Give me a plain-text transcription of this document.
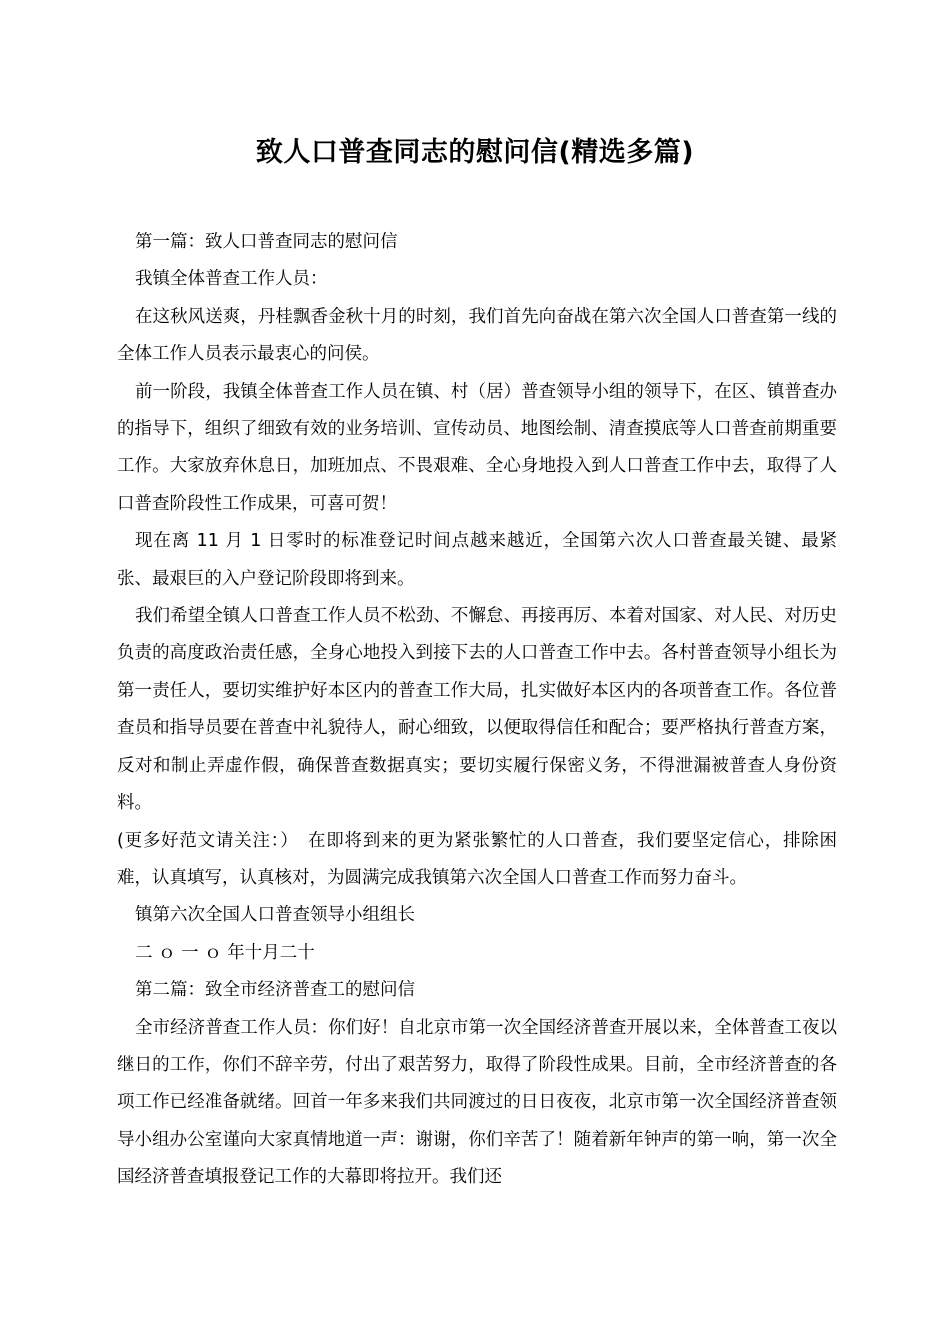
致人口普查同志的慰问信(精选多篇)

第一篇：致人口普查同志的慰问信

我镇全体普查工作人员：

在这秋风送爽，丹桂飘香金秋十月的时刻，我们首先向奋战在第六次全国人口普查第一线的全体工作人员表示最衷心的问侯。

前一阶段，我镇全体普查工作人员在镇、村（居）普查领导小组的领导下，在区、镇普查办的指导下，组织了细致有效的业务培训、宣传动员、地图绘制、清查摸底等人口普查前期重要工作。大家放弃休息日，加班加点、不畏艰难、全心身地投入到人口普查工作中去，取得了人口普查阶段性工作成果，可喜可贺！

现在离 11 月 1 日零时的标准登记时间点越来越近，全国第六次人口普查最关键、最紧张、最艰巨的入户登记阶段即将到来。

我们希望全镇人口普查工作人员不松劲、不懈怠、再接再厉、本着对国家、对人民、对历史负责的高度政治责任感，全身心地投入到接下去的人口普查工作中去。各村普查领导小组长为第一责任人，要切实维护好本区内的普查工作大局，扎实做好本区内的各项普查工作。各位普查员和指导员要在普查中礼貌待人，耐心细致，以便取得信任和配合；要严格执行普查方案，反对和制止弄虚作假，确保普查数据真实；要切实履行保密义务，不得泄漏被普查人身份资料。

(更多好范文请关注：）　在即将到来的更为紧张繁忙的人口普查，我们要坚定信心，排除困难，认真填写，认真核对，为圆满完成我镇第六次全国人口普查工作而努力奋斗。

镇第六次全国人口普查领导小组组长

二 ｏ 一 ｏ 年十月二十

第二篇：致全市经济普查工的慰问信

全市经济普查工作人员：你们好！自北京市第一次全国经济普查开展以来，全体普查工夜以继日的工作，你们不辞辛劳，付出了艰苦努力，取得了阶段性成果。目前，全市经济普查的各项工作已经准备就绪。回首一年多来我们共同渡过的日日夜夜，北京市第一次全国经济普查领导小组办公室谨向大家真情地道一声：谢谢，你们辛苦了！随着新年钟声的第一响，第一次全国经济普查填报登记工作的大幕即将拉开。我们还
